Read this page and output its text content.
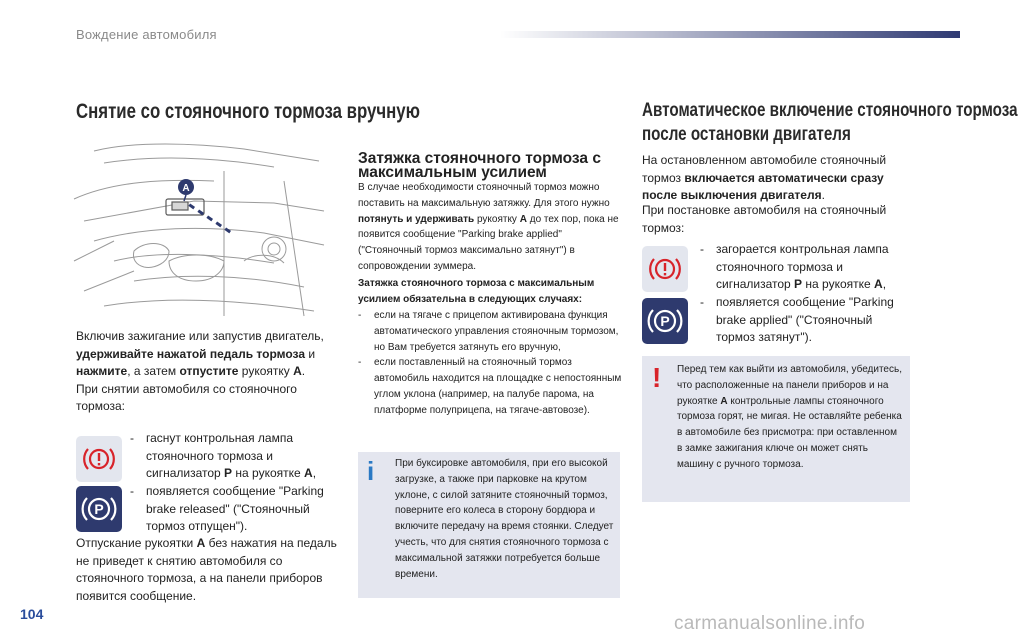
Вождение автомобиля
Снятие со стояночного тормоза вручную
A
Включив зажигание или запустив двигатель, удерживайте нажатой педаль тормоза и нажмите, а затем отпустите рукоятку A.
При снятии автомобиля со стояночного тормоза:
-	гаснут контрольная лампа стояночного тормоза и сигнализатор P на рукоятке A,
P
-	появляется сообщение "Parking brake released" ("Стояночный тормоз отпущен").
Отпускание рукоятки A без нажатия на педаль не приведет к снятию автомобиля со стояночного тормоза, а на панели приборов появится сообщение.
Затяжка стояночного тормоза с максимальным усилием
В случае необходимости стояночный тормоз можно поставить на максимальную затяжку. Для этого нужно потянуть и удерживать рукоятку A до тех пор, пока не появится сообщение "Parking brake applied" ("Стояночный тормоз максимально затянут") в сопровождении зуммера.
Затяжка стояночного тормоза с максимальным усилием обязательна в следующих случаях:
-	если на тягаче с прицепом активирована функция автоматического управления стояночным тормозом, но Вам требуется затянуть его вручную,
-	если поставленный на стояночный тормоз автомобиль находится на площадке с непостоянным углом уклона (например, на палубе парома, на платформе полуприцепа, на тягаче-автовозе).
i При буксировке автомобиля, при его высокой загрузке, а также при парковке на крутом уклоне, с силой затяните стояночный тормоз, поверните его колеса в сторону бордюра и включите передачу на время стоянки. Следует учесть, что для снятия стояночного тормоза с максимальной затяжки потребуется больше времени.
Автоматическое включение стояночного тормоза
после остановки двигателя
На остановленном автомобиле стояночный тормоз включается автоматически сразу после выключения двигателя.
При постановке автомобиля на стояночный тормоз:
-	загорается контрольная лампа стояночного тормоза и сигнализатор P на рукоятке A,
P
-	появляется сообщение "Parking brake applied" ("Стояночный тормоз затянут").
! Перед тем как выйти из автомобиля, убедитесь, что расположенные на панели приборов и на рукоятке A контрольные лампы стояночного тормоза горят, не мигая. Не оставляйте ребенка в автомобиле без присмотра: при оставленном в замке зажигания ключе он может снять машину с ручного тормоза.
104	carmanualsonline.info
